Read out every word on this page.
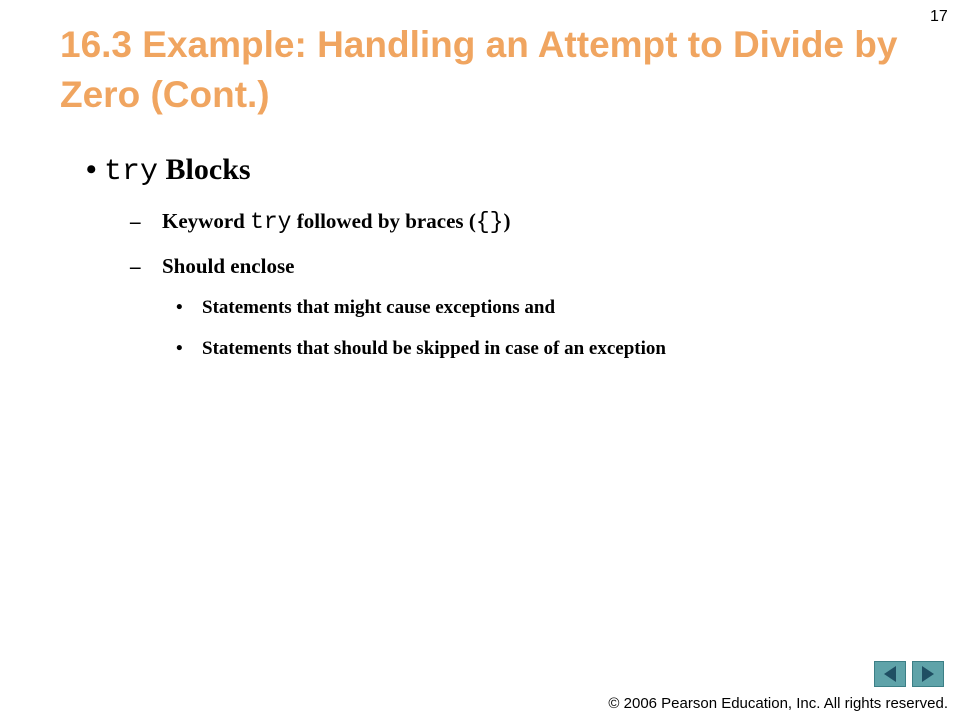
17
16.3 Example: Handling an Attempt to Divide by Zero (Cont.)
• try Blocks
– Keyword try followed by braces ({})
– Should enclose
• Statements that might cause exceptions and
• Statements that should be skipped in case of an exception
© 2006 Pearson Education, Inc. All rights reserved.
